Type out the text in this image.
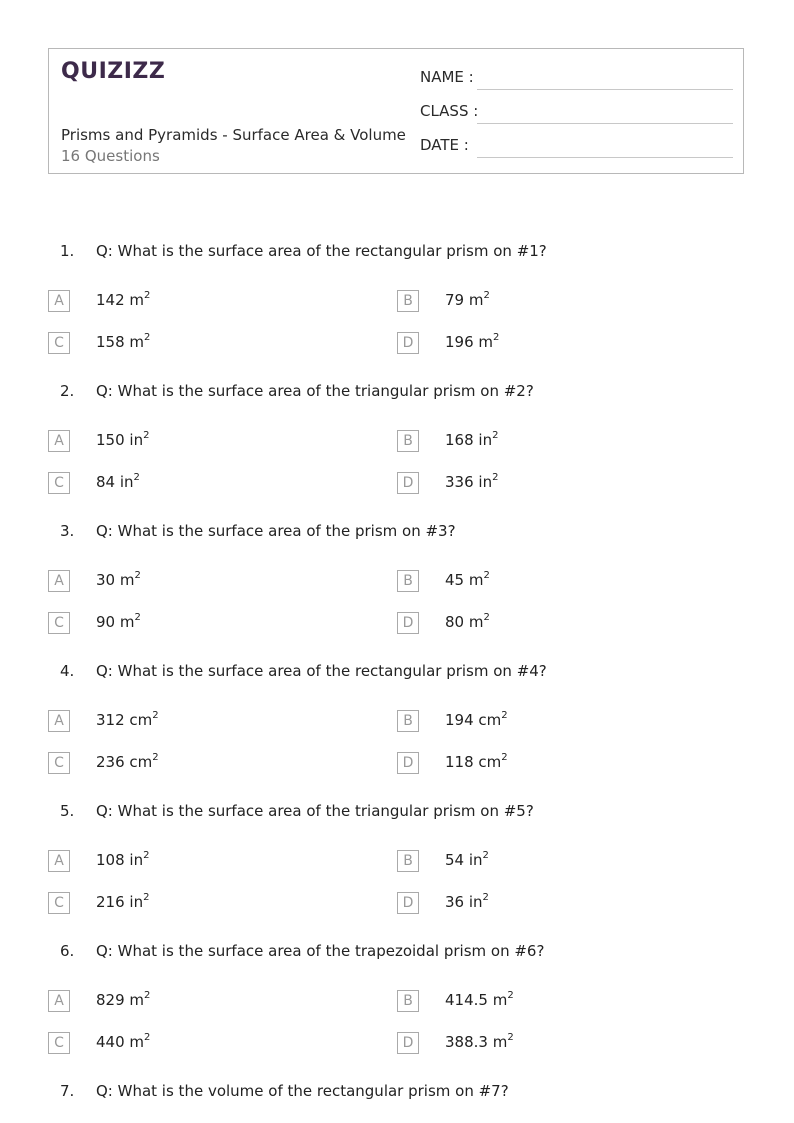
QUIZIZZ
Prisms and Pyramids - Surface Area & Volume
16 Questions
NAME :
CLASS :
DATE :
1. Q: What is the surface area of the rectangular prism on #1?
A	142 $m^2$	B	79 $m^2$
C	158 $m^2$	D	196 $m^2$
2. Q: What is the surface area of the triangular prism on #2?
A	150 $in^2$	B	168 $in^2$
C	84 $in^2$	D	336 $in^2$
3. Q: What is the surface area of the prism on #3?
A	30 $m^2$	B	45 $m^2$
C	90 $m^2$	D	80 $m^2$
4. Q: What is the surface area of the rectangular prism on #4?
A	312 $cm^2$	B	194 $cm^2$
C	236 $cm^2$	D	118 $cm^2$
5. Q: What is the surface area of the triangular prism on #5?
A	108 $in^2$	B	54 $in^2$
C	216 $in^2$	D	36 $in^2$
6. Q: What is the surface area of the trapezoidal prism on #6?
A	829 $m^2$	B	414.5 $m^2$
C	440 $m^2$	D	388.3 $m^2$
7. Q: What is the volume of the rectangular prism on #7?
